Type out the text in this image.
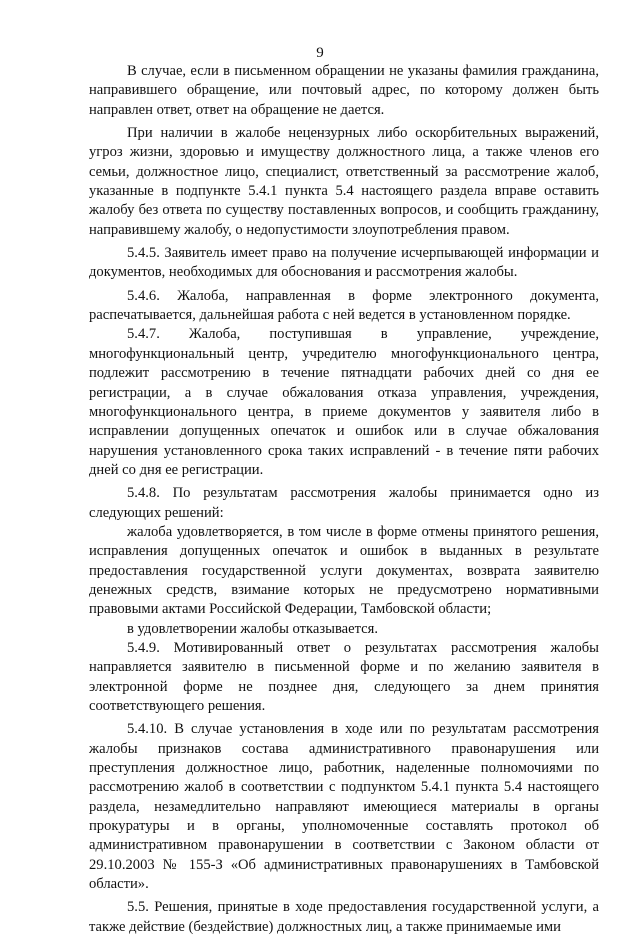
9

В случае, если в письменном обращении не указаны фамилия гражданина, направившего обращение, или почтовый адрес, по которому должен быть направлен ответ, ответ на обращение не дается.

При наличии в жалобе нецензурных либо оскорбительных выражений, угроз жизни, здоровью и имуществу должностного лица, а также членов его семьи, должностное лицо, специалист, ответственный за рассмотрение жалоб, указанные в подпункте 5.4.1 пункта 5.4 настоящего раздела вправе оставить жалобу без ответа по существу поставленных вопросов, и сообщить гражданину, направившему жалобу, о недопустимости злоупотребления правом.

5.4.5. Заявитель имеет право на получение исчерпывающей информации и документов, необходимых для обоснования и рассмотрения жалобы.

5.4.6. Жалоба, направленная в форме электронного документа, распечатывается, дальнейшая работа с ней ведется в установленном порядке.

5.4.7. Жалоба, поступившая в управление, учреждение, многофункциональный центр, учредителю многофункционального центра, подлежит рассмотрению в течение пятнадцати рабочих дней со дня ее регистрации, а в случае обжалования отказа управления, учреждения, многофункционального центра, в приеме документов у заявителя либо в исправлении допущенных опечаток и ошибок или в случае обжалования нарушения установленного срока таких исправлений - в течение пяти рабочих дней со дня ее регистрации.

5.4.8. По результатам рассмотрения жалобы принимается одно из следующих решений:

жалоба удовлетворяется, в том числе в форме отмены принятого решения, исправления допущенных опечаток и ошибок в выданных в результате предоставления государственной услуги документах, возврата заявителю денежных средств, взимание которых не предусмотрено нормативными правовыми актами Российской Федерации, Тамбовской области;

в удовлетворении жалобы отказывается.

5.4.9. Мотивированный ответ о результатах рассмотрения жалобы направляется заявителю в письменной форме и по желанию заявителя в электронной форме не позднее дня, следующего за днем принятия соответствующего решения.

5.4.10. В случае установления в ходе или по результатам рассмотрения жалобы признаков состава административного правонарушения или преступления должностное лицо, работник, наделенные полномочиями по рассмотрению жалоб в соответствии с подпунктом 5.4.1 пункта 5.4 настоящего раздела, незамедлительно направляют имеющиеся материалы в органы прокуратуры и в органы, уполномоченные составлять протокол об административном правонарушении в соответствии с Законом области от 29.10.2003 № 155-З «Об административных правонарушениях в Тамбовской области».

5.5. Решения, принятые в ходе предоставления государственной услуги, а также действие (бездействие) должностных лиц, а также принимаемые ими
